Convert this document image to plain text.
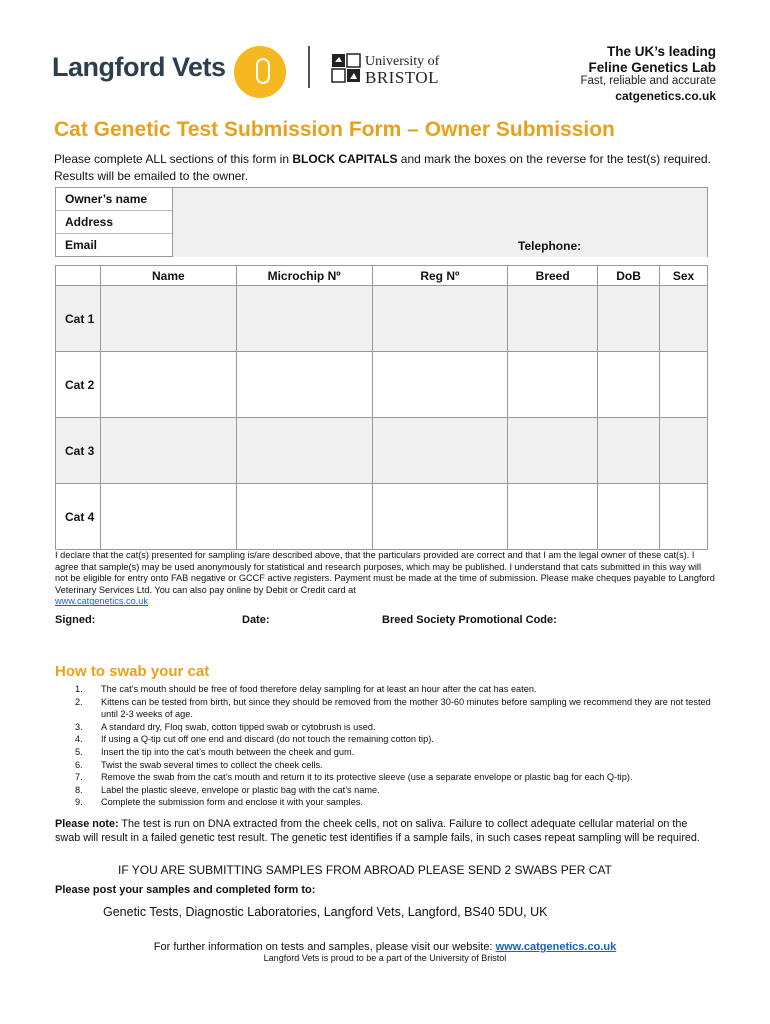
Langford Vets	University of
BRISTOL
The UK’s leading
Feline Genetics Lab
Fast, reliable and accurate
catgenetics.co.uk
Cat Genetic Test Submission Form – Owner Submission
Please complete ALL sections of this form in BLOCK CAPITALS and mark the boxes on the reverse for the test(s) required. Results will be emailed to the owner.
Owner’s name
Address
Email	Telephone:
	Name	Microchip Nº	Reg Nº	Breed	DoB	Sex
Cat 1						
Cat 2						
Cat 3						
Cat 4						
I declare that the cat(s) presented for sampling is/are described above, that the particulars provided are correct and that I am the legal owner of these cat(s). I agree that sample(s) may be used anonymously for statistical and research purposes, which may be published. I understand that cats submitted in this way will not be eligible for entry onto FAB negative or GCCF active registers. Payment must be made at the time of submission. Please make cheques payable to Langford Veterinary Services Ltd. You can also pay online by Debit or Credit card at
www.catgenetics.co.uk
Signed:	Date:	Breed Society Promotional Code:
How to swab your cat
1.	The cat’s mouth should be free of food therefore delay sampling for at least an hour after the cat has eaten.
2.	Kittens can be tested from birth, but since they should be removed from the mother 30-60 minutes before sampling we recommend they are not tested until 2-3 weeks of age.
3.	A standard dry, Floq swab, cotton tipped swab or cytobrush is used.
4.	If using a Q-tip cut off one end and discard (do not touch the remaining cotton tip).
5.	Insert the tip into the cat’s mouth between the cheek and gum.
6.	Twist the swab several times to collect the cheek cells.
7.	Remove the swab from the cat’s mouth and return it to its protective sleeve (use a separate envelope or plastic bag for each Q-tip).
8.	Label the plastic sleeve, envelope or plastic bag with the cat’s name.
9.	Complete the submission form and enclose it with your samples.
Please note: The test is run on DNA extracted from the cheek cells, not on saliva. Failure to collect adequate cellular material on the swab will result in a failed genetic test result. The genetic test identifies if a sample fails, in such cases repeat sampling will be required.
IF YOU ARE SUBMITTING SAMPLES FROM ABROAD PLEASE SEND 2 SWABS PER CAT
Please post your samples and completed form to:
Genetic Tests, Diagnostic Laboratories, Langford Vets, Langford, BS40 5DU, UK
For further information on tests and samples, please visit our website: www.catgenetics.co.uk
Langford Vets is proud to be a part of the University of Bristol
